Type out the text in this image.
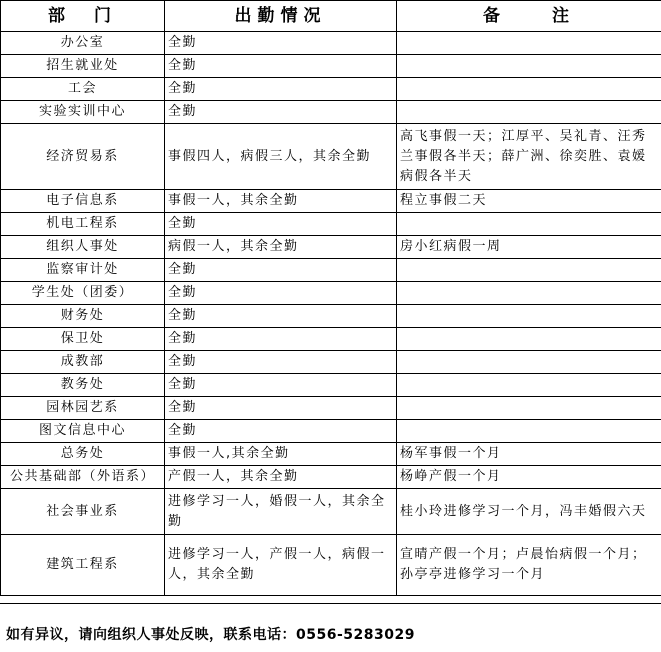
部　门	出勤情况	备　　注
办公室	全勤	
招生就业处	全勤	
工会	全勤	
实验实训中心	全勤	
经济贸易系	事假四人，病假三人，其余全勤	高飞事假一天；江厚平、吴礼青、汪秀兰事假各半天；薛广洲、徐奕胜、袁媛病假各半天
电子信息系	事假一人，其余全勤	程立事假二天
机电工程系	全勤	
组织人事处	病假一人，其余全勤	房小红病假一周
监察审计处	全勤	
学生处（团委）	全勤	
财务处	全勤	
保卫处	全勤	
成教部	全勤	
教务处	全勤	
园林园艺系	全勤	
图文信息中心	全勤	
总务处	事假一人,其余全勤	杨军事假一个月
公共基础部（外语系）	产假一人，其余全勤	杨峥产假一个月
社会事业系	进修学习一人，婚假一人，其余全勤	桂小玲进修学习一个月，冯丰婚假六天
建筑工程系	进修学习一人，产假一人，病假一人，其余全勤	宣晴产假一个月；卢晨怡病假一个月；孙亭亭进修学习一个月
如有异议，请向组织人事处反映，联系电话：0556-5283029
